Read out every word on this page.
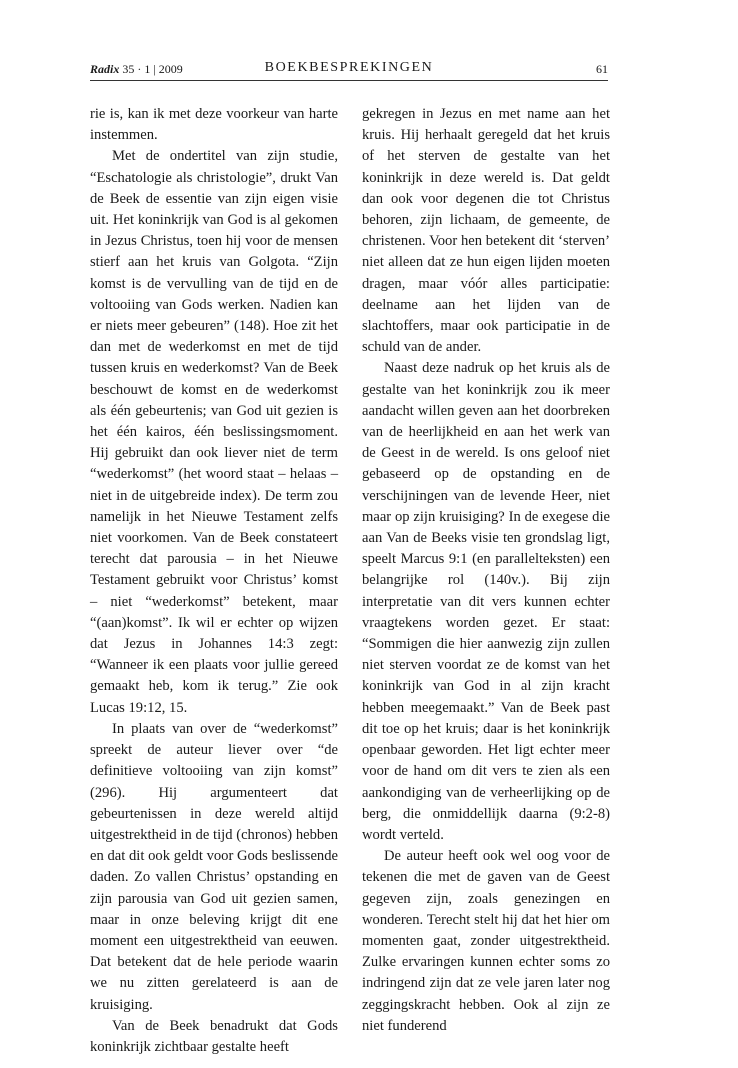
Radix 35 · 1 | 2009	BOEKBESPREKINGEN	61

rie is, kan ik met deze voorkeur van harte instemmen.

Met de ondertitel van zijn studie, “Eschatologie als christologie”, drukt Van de Beek de essentie van zijn eigen visie uit. Het koninkrijk van God is al gekomen in Jezus Christus, toen hij voor de mensen stierf aan het kruis van Golgota. “Zijn komst is de vervulling van de tijd en de voltooiing van Gods werken. Nadien kan er niets meer gebeuren” (148). Hoe zit het dan met de wederkomst en met de tijd tussen kruis en wederkomst? Van de Beek beschouwt de komst en de wederkomst als één gebeurtenis; van God uit gezien is het één kairos, één beslissingsmoment. Hij gebruikt dan ook liever niet de term “wederkomst” (het woord staat – helaas – niet in de uitgebreide index). De term zou namelijk in het Nieuwe Testament zelfs niet voorkomen. Van de Beek constateert terecht dat parousia – in het Nieuwe Testament gebruikt voor Christus’ komst – niet “wederkomst” betekent, maar “(aan)komst”. Ik wil er echter op wijzen dat Jezus in Johannes 14:3 zegt: “Wanneer ik een plaats voor jullie gereed gemaakt heb, kom ik terug.” Zie ook Lucas 19:12, 15.

In plaats van over de “wederkomst” spreekt de auteur liever over “de definitieve voltooiing van zijn komst” (296). Hij argumenteert dat gebeurtenissen in deze wereld altijd uitgestrektheid in de tijd (chronos) hebben en dat dit ook geldt voor Gods beslissende daden. Zo vallen Christus’ opstanding en zijn parousia van God uit gezien samen, maar in onze beleving krijgt dit ene moment een uitgestrektheid van eeuwen. Dat betekent dat de hele periode waarin we nu zitten gerelateerd is aan de kruisiging.

Van de Beek benadrukt dat Gods koninkrijk zichtbaar gestalte heeft

gekregen in Jezus en met name aan het kruis. Hij herhaalt geregeld dat het kruis of het sterven de gestalte van het koninkrijk in deze wereld is. Dat geldt dan ook voor degenen die tot Christus behoren, zijn lichaam, de gemeente, de christenen. Voor hen betekent dit ‘sterven’ niet alleen dat ze hun eigen lijden moeten dragen, maar vóór alles participatie: deelname aan het lijden van de slachtoffers, maar ook participatie in de schuld van de ander.

Naast deze nadruk op het kruis als de gestalte van het koninkrijk zou ik meer aandacht willen geven aan het doorbreken van de heerlijkheid en aan het werk van de Geest in de wereld. Is ons geloof niet gebaseerd op de opstanding en de verschijningen van de levende Heer, niet maar op zijn kruisiging? In de exegese die aan Van de Beeks visie ten grondslag ligt, speelt Marcus 9:1 (en parallelteksten) een belangrijke rol (140v.). Bij zijn interpretatie van dit vers kunnen echter vraagtekens worden gezet. Er staat: “Sommigen die hier aanwezig zijn zullen niet sterven voordat ze de komst van het koninkrijk van God in al zijn kracht hebben meegemaakt.” Van de Beek past dit toe op het kruis; daar is het koninkrijk openbaar geworden. Het ligt echter meer voor de hand om dit vers te zien als een aankondiging van de verheerlijking op de berg, die onmiddellijk daarna (9:2-8) wordt verteld.

De auteur heeft ook wel oog voor de tekenen die met de gaven van de Geest gegeven zijn, zoals genezingen en wonderen. Terecht stelt hij dat het hier om momenten gaat, zonder uitgestrektheid. Zulke ervaringen kunnen echter soms zo indringend zijn dat ze vele jaren later nog zeggingskracht hebben. Ook al zijn ze niet funderend
